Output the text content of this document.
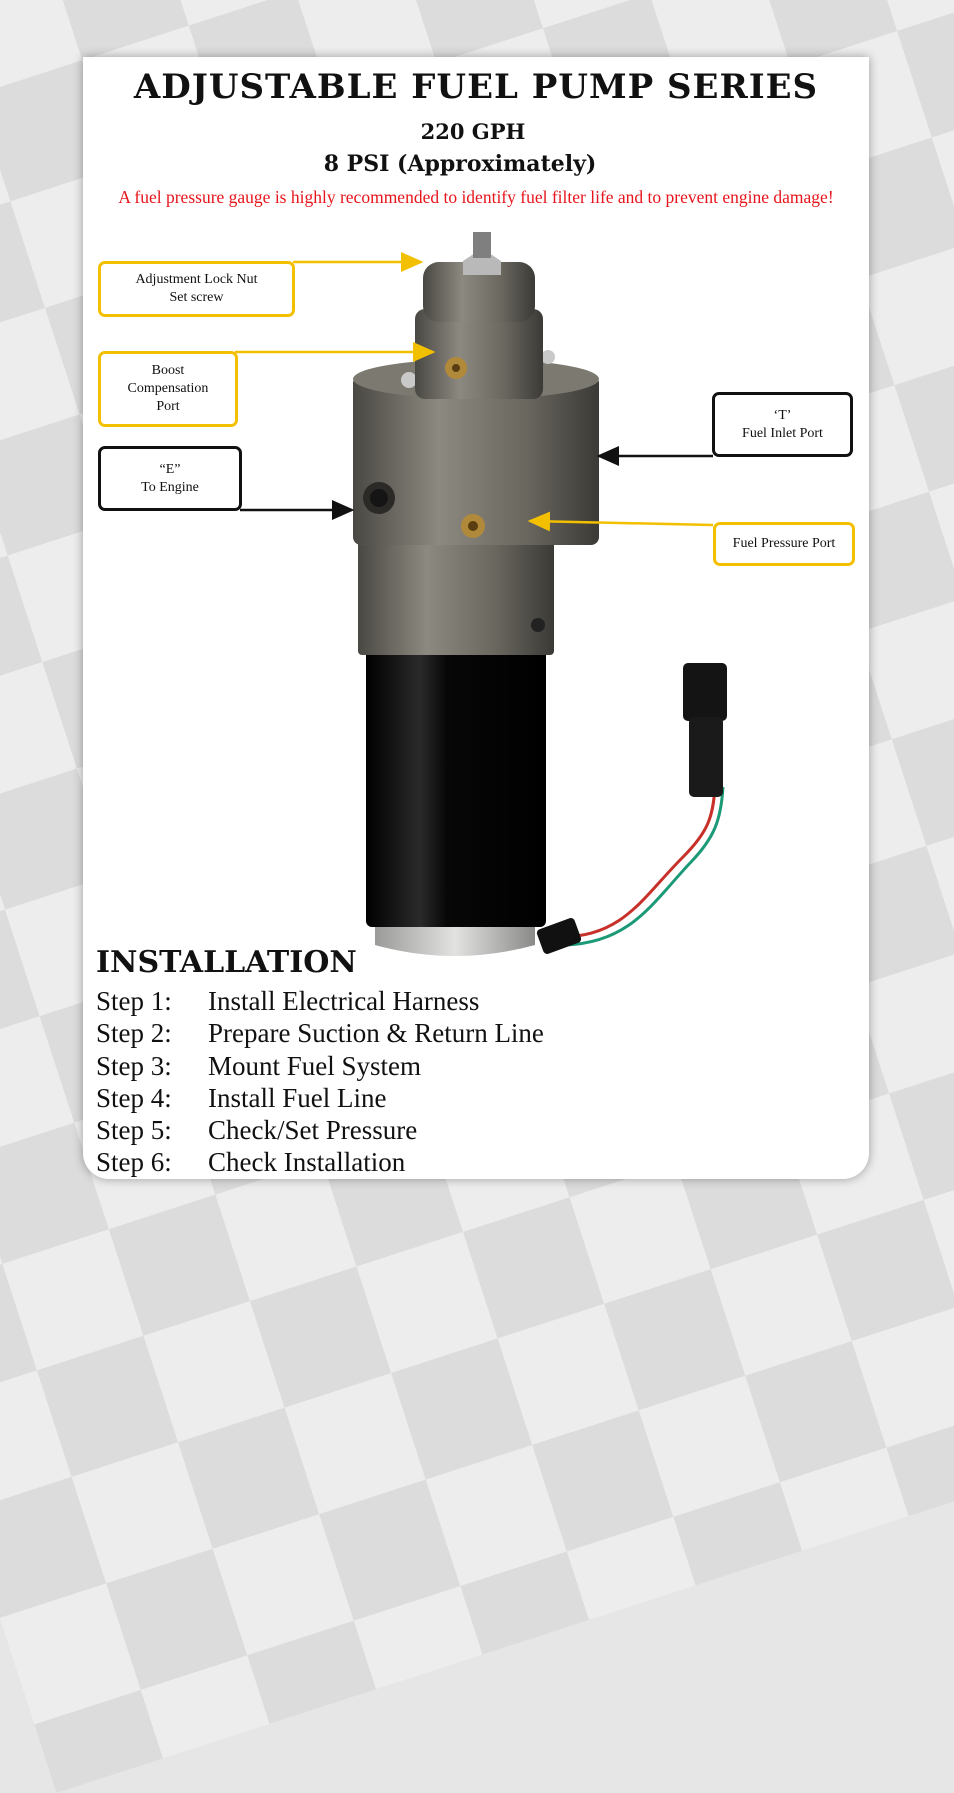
ADJUSTABLE FUEL PUMP SERIES
220 GPH
8 PSI (Approximately)
A fuel pressure gauge is highly recommended to identify fuel filter life and to prevent engine damage!
Adjustment Lock Nut
Set screw
Boost
Compensation
Port
“E”
To Engine
‘T’
Fuel Inlet Port
Fuel Pressure Port
INSTALLATION
Step 1: Install Electrical Harness
Step 2: Prepare Suction & Return Line
Step 3: Mount Fuel System
Step 4: Install Fuel Line
Step 5: Check/Set Pressure
Step 6: Check Installation
